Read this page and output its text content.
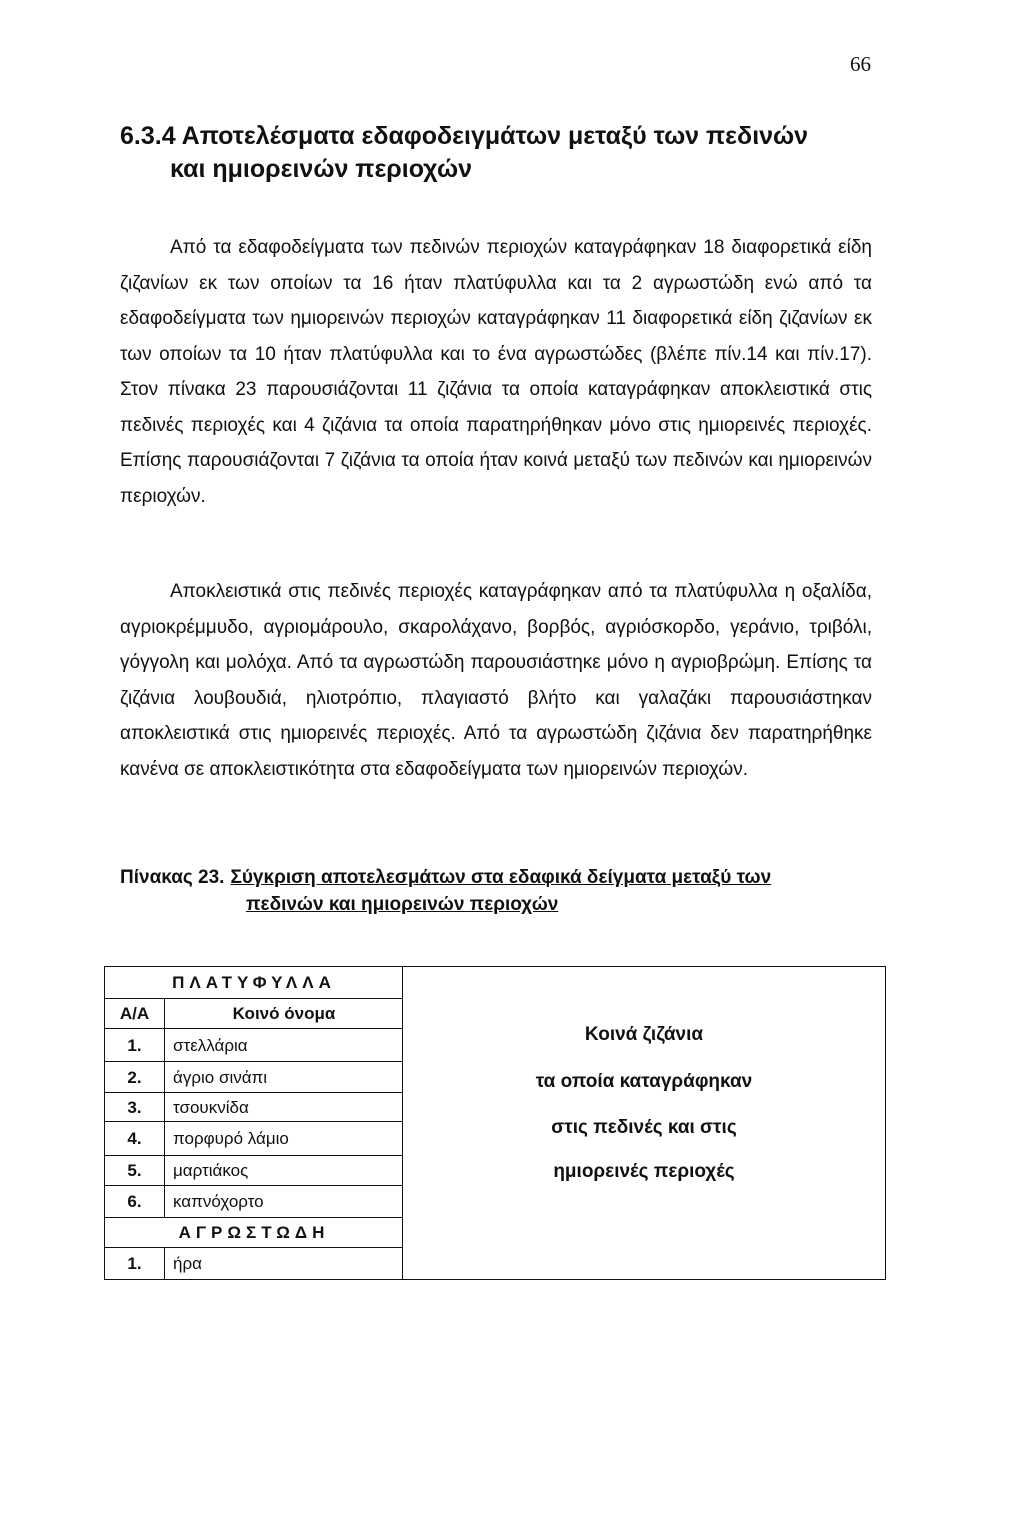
66
6.3.4 Αποτελέσματα εδαφοδειγμάτων μεταξύ των πεδινών
και ημιορεινών περιοχών

Από τα εδαφοδείγματα των πεδινών περιοχών καταγράφηκαν 18 διαφορετικά είδη ζιζανίων εκ των οποίων τα 16 ήταν πλατύφυλλα και τα 2 αγρωστώδη ενώ από τα εδαφοδείγματα των ημιορεινών περιοχών καταγράφηκαν 11 διαφορετικά είδη ζιζανίων εκ των οποίων τα 10 ήταν πλατύφυλλα και το ένα αγρωστώδες (βλέπε πίν.14 και πίν.17). Στον πίνακα 23 παρουσιάζονται 11 ζιζάνια τα οποία καταγράφηκαν αποκλειστικά στις πεδινές περιοχές και 4 ζιζάνια τα οποία παρατηρήθηκαν μόνο στις ημιορεινές περιοχές. Επίσης παρουσιάζονται 7 ζιζάνια τα οποία ήταν κοινά μεταξύ των πεδινών και ημιορεινών περιοχών.

Αποκλειστικά στις πεδινές περιοχές καταγράφηκαν από τα πλατύφυλλα η οξαλίδα, αγριοκρέμμυδο, αγριομάρουλο, σκαρολάχανο, βορβός, αγριόσκορδο, γεράνιο, τριβόλι, γόγγολη και μολόχα. Από τα αγρωστώδη παρουσιάστηκε μόνο η αγριοβρώμη. Επίσης τα ζιζάνια λουβουδιά, ηλιοτρόπιο, πλαγιαστό βλήτο και γαλαζάκι παρουσιάστηκαν αποκλειστικά στις ημιορεινές περιοχές. Από τα αγρωστώδη ζιζάνια δεν παρατηρήθηκε κανένα σε αποκλειστικότητα στα εδαφοδείγματα των ημιορεινών περιοχών.

Πίνακας 23. Σύγκριση αποτελεσμάτων στα εδαφικά δείγματα μεταξύ των
πεδινών και ημιορεινών περιοχών
ΠΛΑΤΥΦΥΛΛΑ
Α/Α	Κοινό όνομα
1.	στελλάρια
2.	άγριο σινάπι
3.	τσουκνίδα
4.	πορφυρό λάμιο
5.	μαρτιάκος
6.	καπνόχορτο
ΑΓΡΩΣΤΩΔΗ
1.	ήρα
Κοινά ζιζάνια
τα οποία καταγράφηκαν
στις πεδινές και στις
ημιορεινές περιοχές
